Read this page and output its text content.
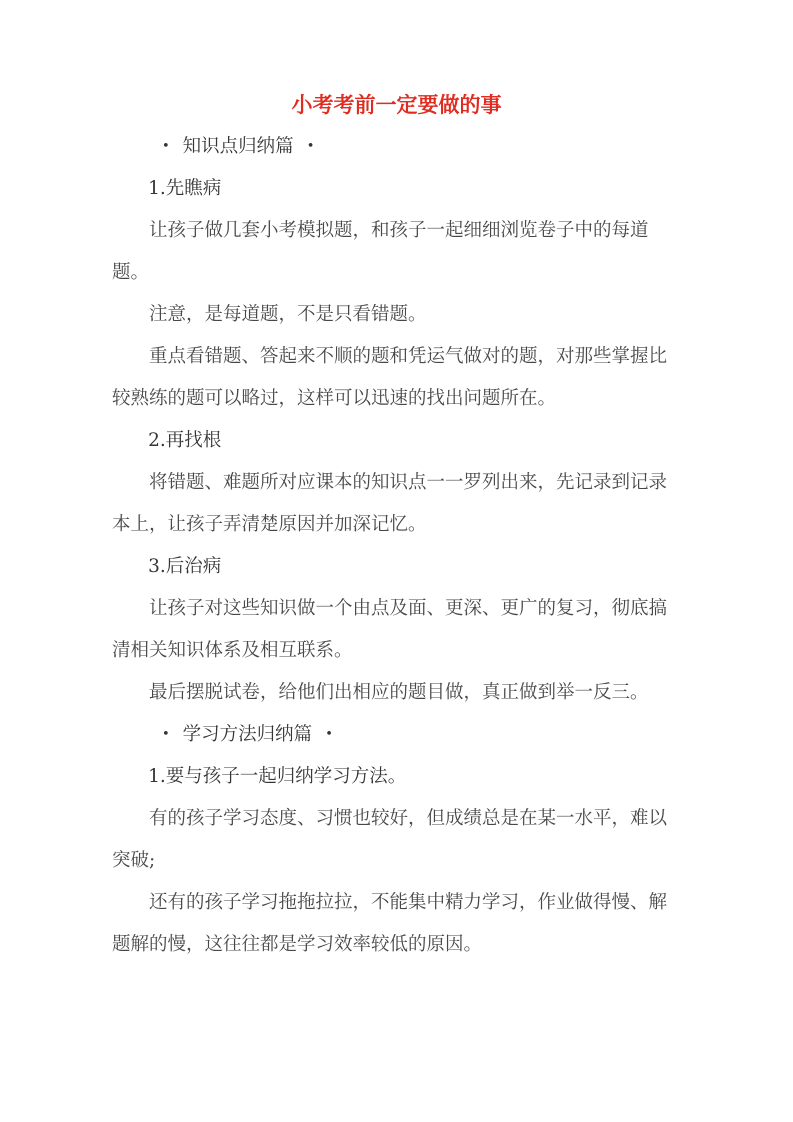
小考考前一定要做的事

• 知识点归纳篇 •

1.先瞧病

让孩子做几套小考模拟题，和孩子一起细细浏览卷子中的每道题。

注意，是每道题，不是只看错题。

重点看错题、答起来不顺的题和凭运气做对的题，对那些掌握比较熟练的题可以略过，这样可以迅速的找出问题所在。

2.再找根

将错题、难题所对应课本的知识点一一罗列出来，先记录到记录本上，让孩子弄清楚原因并加深记忆。

3.后治病

让孩子对这些知识做一个由点及面、更深、更广的复习，彻底搞清相关知识体系及相互联系。

最后摆脱试卷，给他们出相应的题目做，真正做到举一反三。

• 学习方法归纳篇 •

1.要与孩子一起归纳学习方法。

有的孩子学习态度、习惯也较好，但成绩总是在某一水平，难以突破;

还有的孩子学习拖拖拉拉，不能集中精力学习，作业做得慢、解题解的慢，这往往都是学习效率较低的原因。
